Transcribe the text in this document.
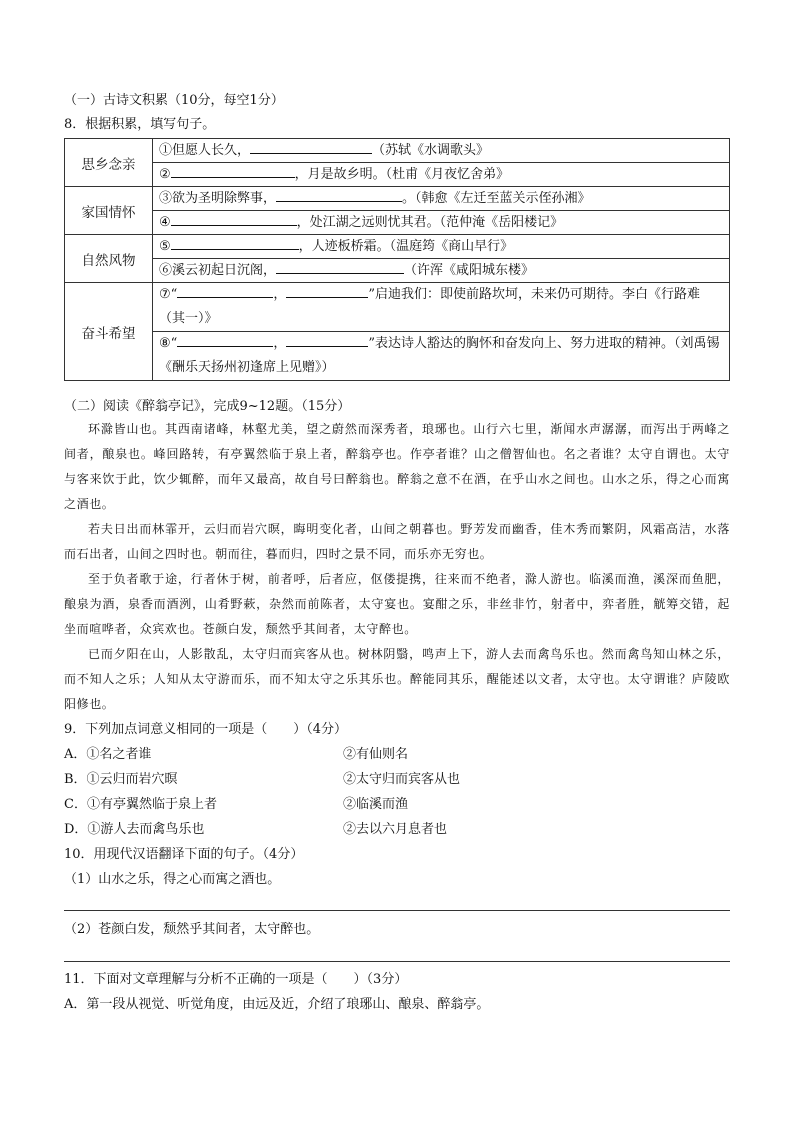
（一）古诗文积累（10分，每空1分）
8．根据积累，填写句子。
思乡念亲	①但愿人长久， （苏轼《水调歌头》
	② ，月是故乡明。（杜甫《月夜忆舍弟》
家国情怀	③欲为圣明除弊事， 。（韩愈《左迁至蓝关示侄孙湘》
	④ ，处江湖之远则忧其君。（范仲淹《岳阳楼记》
自然风物	⑤ ，人迹板桥霜。（温庭筠《商山早行》
	⑥溪云初起日沉阁， （许浑《咸阳城东楼》
奋斗希望	⑦“ ， ”启迪我们：即使前路坎坷，未来仍可期待。李白《行路难（其一）》
	⑧“ ， ”表达诗人豁达的胸怀和奋发向上、努力进取的精神。（刘禹锡《酬乐天扬州初逢席上见赠》）
（二）阅读《醉翁亭记》，完成9~12题。（15分）

环滁皆山也。其西南诸峰，林壑尤美，望之蔚然而深秀者，琅琊也。山行六七里，渐闻水声潺潺，而泻出于两峰之间者，酿泉也。峰回路转，有亭翼然临于泉上者，醉翁亭也。作亭者谁？山之僧智仙也。名之者谁？太守自谓也。太守与客来饮于此，饮少辄醉，而年又最高，故自号曰醉翁也。醉翁之意不在酒，在乎山水之间也。山水之乐，得之心而寓之酒也。

若夫日出而林霏开，云归而岩穴暝，晦明变化者，山间之朝暮也。野芳发而幽香，佳木秀而繁阴，风霜高洁，水落而石出者，山间之四时也。朝而往，暮而归，四时之景不同，而乐亦无穷也。

至于负者歌于途，行者休于树，前者呼，后者应，伛偻提携，往来而不绝者，滁人游也。临溪而渔，溪深而鱼肥，酿泉为酒，泉香而酒洌，山肴野蔌，杂然而前陈者，太守宴也。宴酣之乐，非丝非竹，射者中，弈者胜，觥筹交错，起坐而喧哗者，众宾欢也。苍颜白发，颓然乎其间者，太守醉也。

已而夕阳在山，人影散乱，太守归而宾客从也。树林阴翳，鸣声上下，游人去而禽鸟乐也。然而禽鸟知山林之乐，而不知人之乐；人知从太守游而乐，而不知太守之乐其乐也。醉能同其乐，醒能述以文者，太守也。太守谓谁？庐陵欧阳修也。

9．下列加点词意义相同的一项是（　　）（4分）
A．①名之者谁	②有仙则名
B．①云归而岩穴暝	②太守归而宾客从也
C．①有亭翼然临于泉上者	②临溪而渔
D．①游人去而禽鸟乐也	②去以六月息者也
10．用现代汉语翻译下面的句子。（4分）
（1）山水之乐，得之心而寓之酒也。
（2）苍颜白发，颓然乎其间者，太守醉也。
11．下面对文章理解与分析不正确的一项是（　　）（3分）
A．第一段从视觉、听觉角度，由远及近，介绍了琅琊山、酿泉、醉翁亭。
